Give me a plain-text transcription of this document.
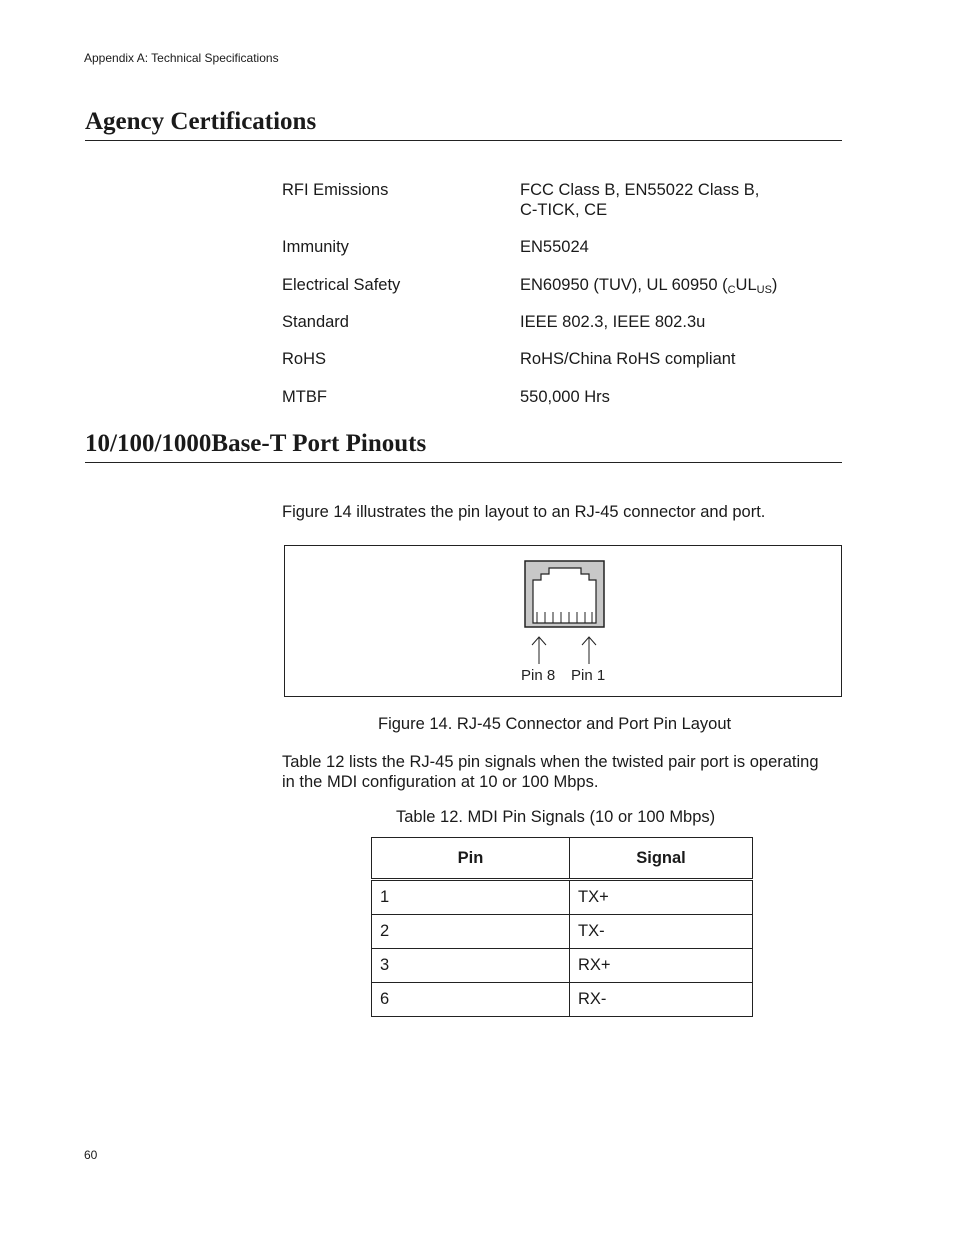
Appendix A: Technical Specifications
Agency Certifications
RFI Emissions	FCC Class B, EN55022 Class B,
C-TICK, CE
Immunity	EN55024
Electrical Safety	EN60950 (TUV), UL 60950 $(_CUL_{US})$
Standard	IEEE 802.3, IEEE 802.3u
RoHS	RoHS/China RoHS compliant
MTBF	550,000 Hrs
10/100/1000Base-T Port Pinouts
Figure 14 illustrates the pin layout to an RJ-45 connector and port.
Pin 8 Pin 1
Figure 14. RJ-45 Connector and Port Pin Layout
Table 12 lists the RJ-45 pin signals when the twisted pair port is operating
in the MDI configuration at 10 or 100 Mbps.
Table 12. MDI Pin Signals (10 or 100 Mbps)
Pin	Signal
1	TX+
2	TX-
3	RX+
6	RX-
60
